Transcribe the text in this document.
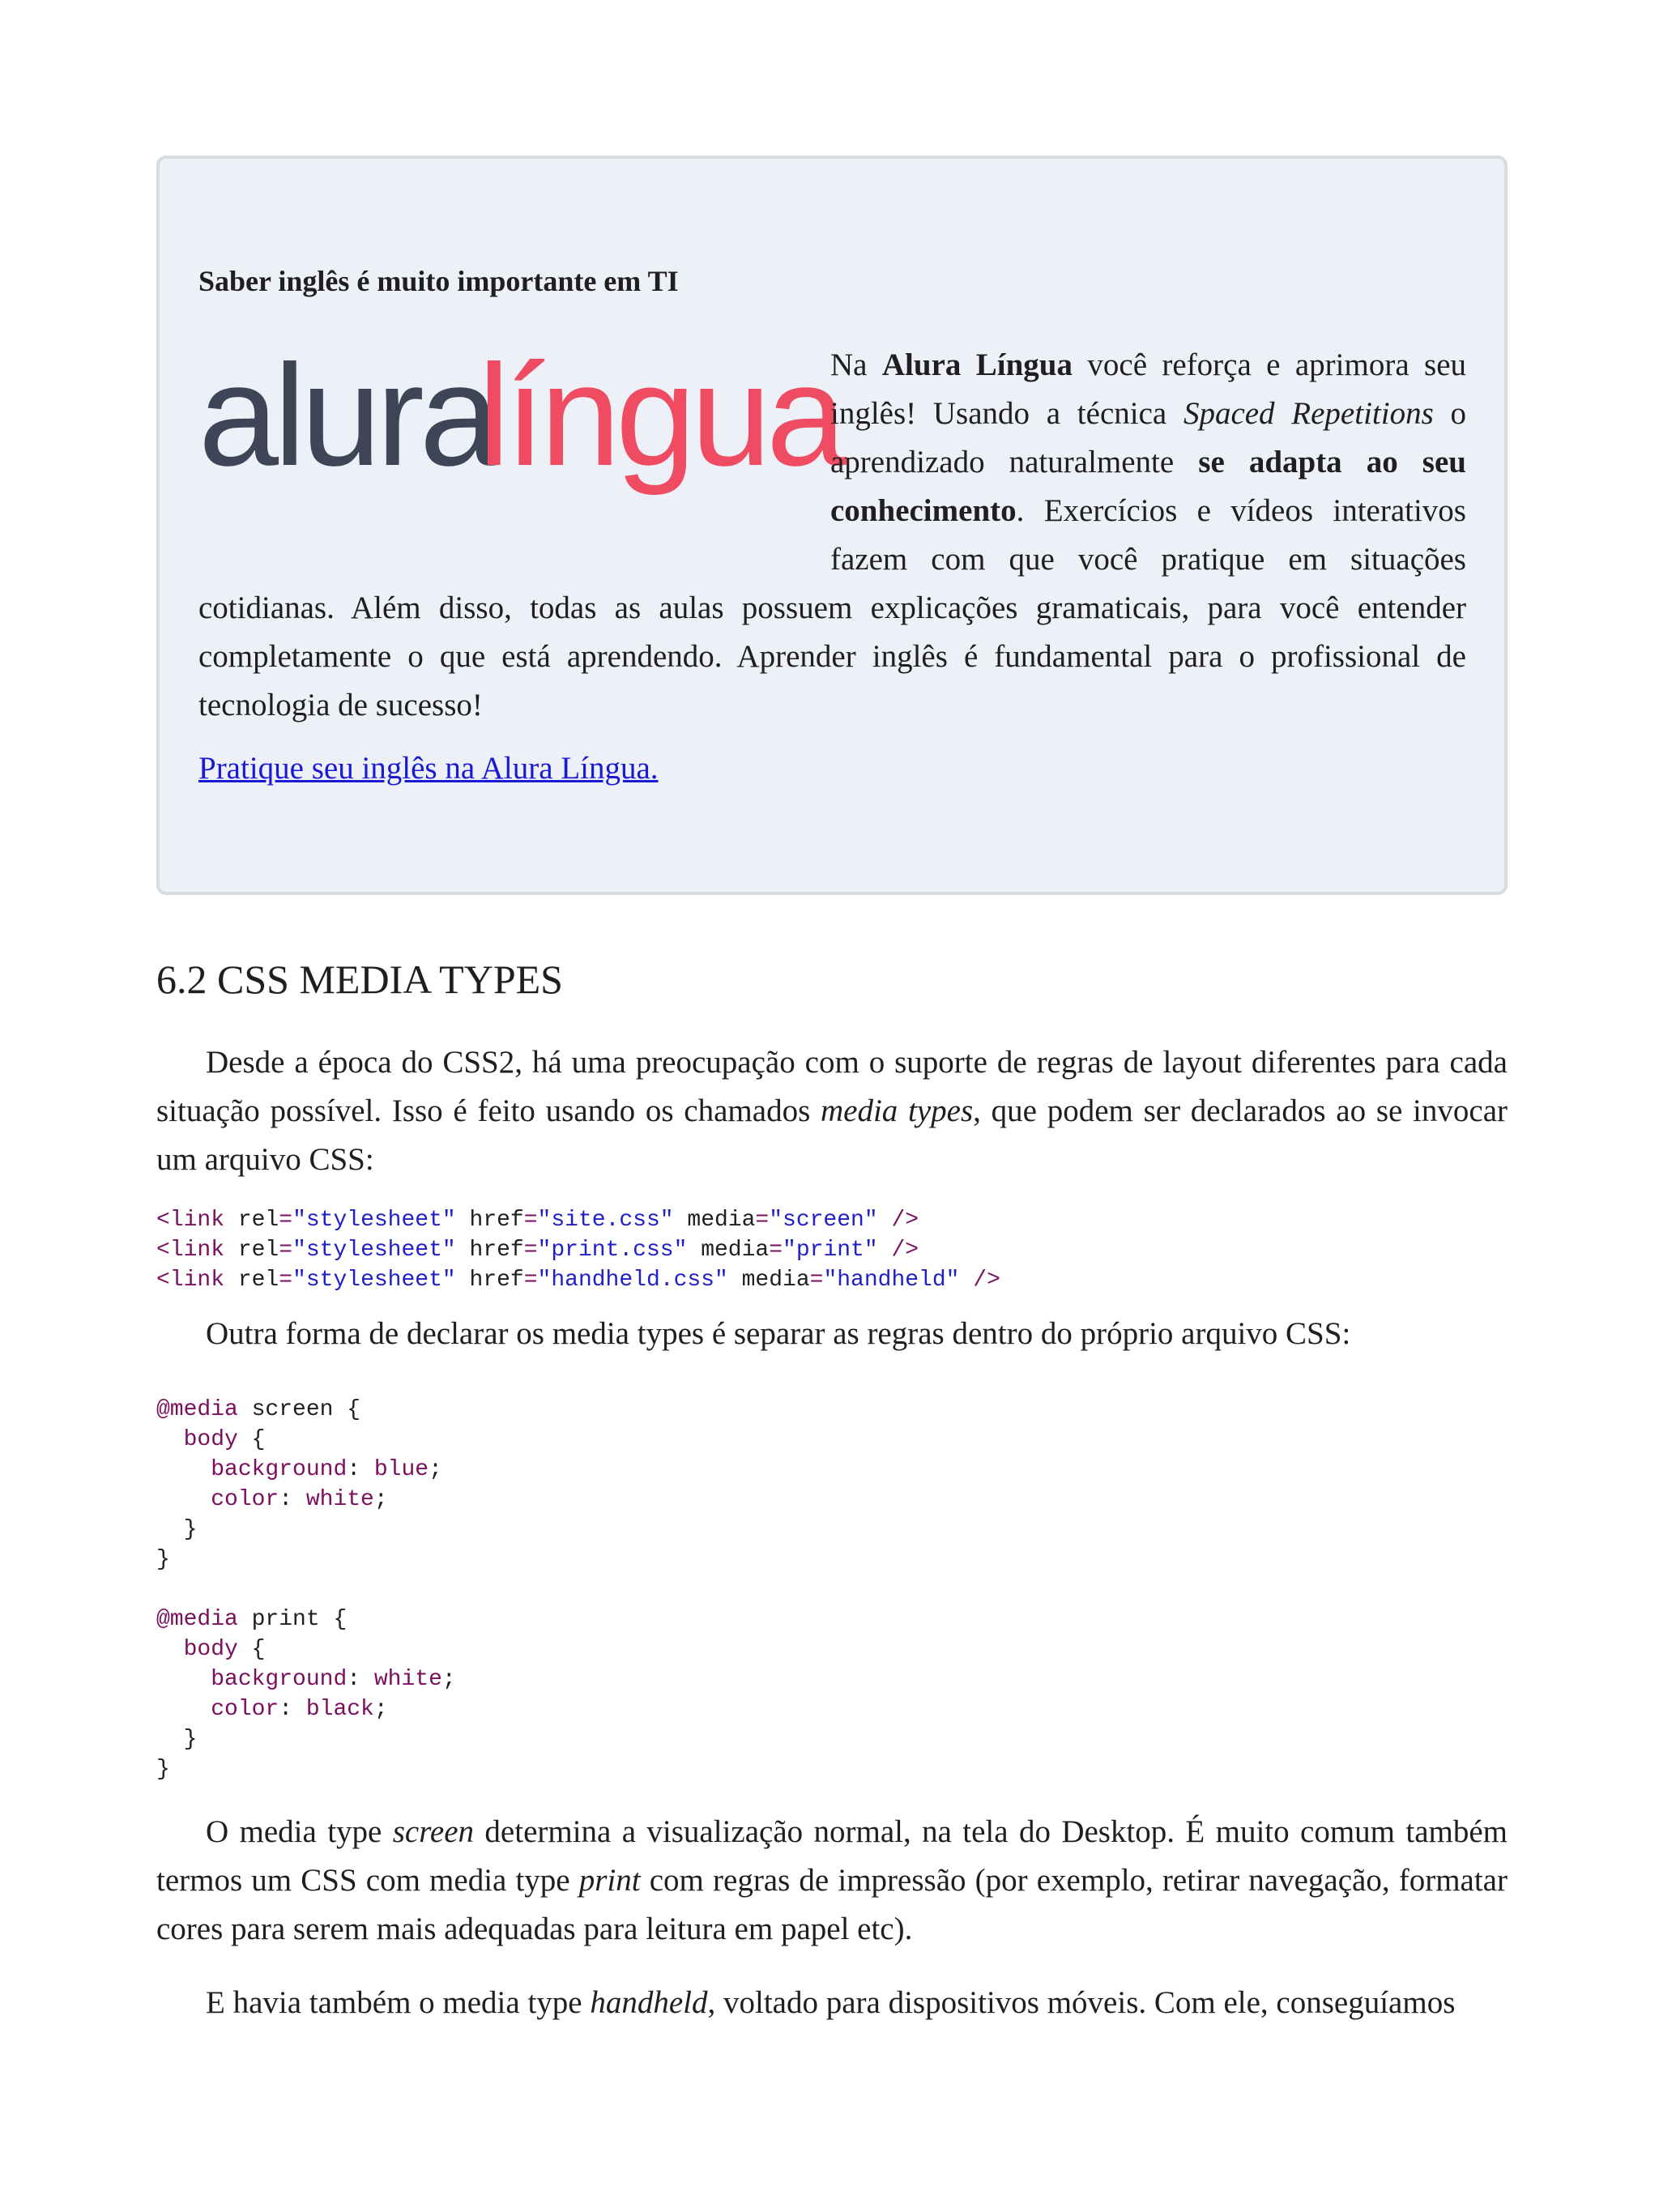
Saber inglês é muito importante em TI

alura
língua

Na Alura Língua você reforça e aprimora seu inglês! Usando a técnica Spaced Repetitions o aprendizado naturalmente se adapta ao seu conhecimento. Exercícios e vídeos interativos fazem com que você pratique em situações cotidianas. Além disso, todas as aulas possuem explicações gramaticais, para você entender completamente o que está aprendendo. Aprender inglês é fundamental para o profissional de tecnologia de sucesso!

Pratique seu inglês na Alura Língua.
6.2 CSS MEDIA TYPES

Desde a época do CSS2, há uma preocupação com o suporte de regras de layout diferentes para cada situação possível. Isso é feito usando os chamados media types, que podem ser declarados ao se invocar um arquivo CSS:

<link rel="stylesheet" href="site.css" media="screen" />
<link rel="stylesheet" href="print.css" media="print" />
<link rel="stylesheet" href="handheld.css" media="handheld" />

Outra forma de declarar os media types é separar as regras dentro do próprio arquivo CSS:

@media screen {
body {
background: blue;
color: white;
}
}

@media print {
body {
background: white;
color: black;
}
}

O media type screen determina a visualização normal, na tela do Desktop. É muito comum também termos um CSS com media type print com regras de impressão (por exemplo, retirar navegação, formatar cores para serem mais adequadas para leitura em papel etc).

E havia também o media type handheld, voltado para dispositivos móveis. Com ele, conseguíamos
